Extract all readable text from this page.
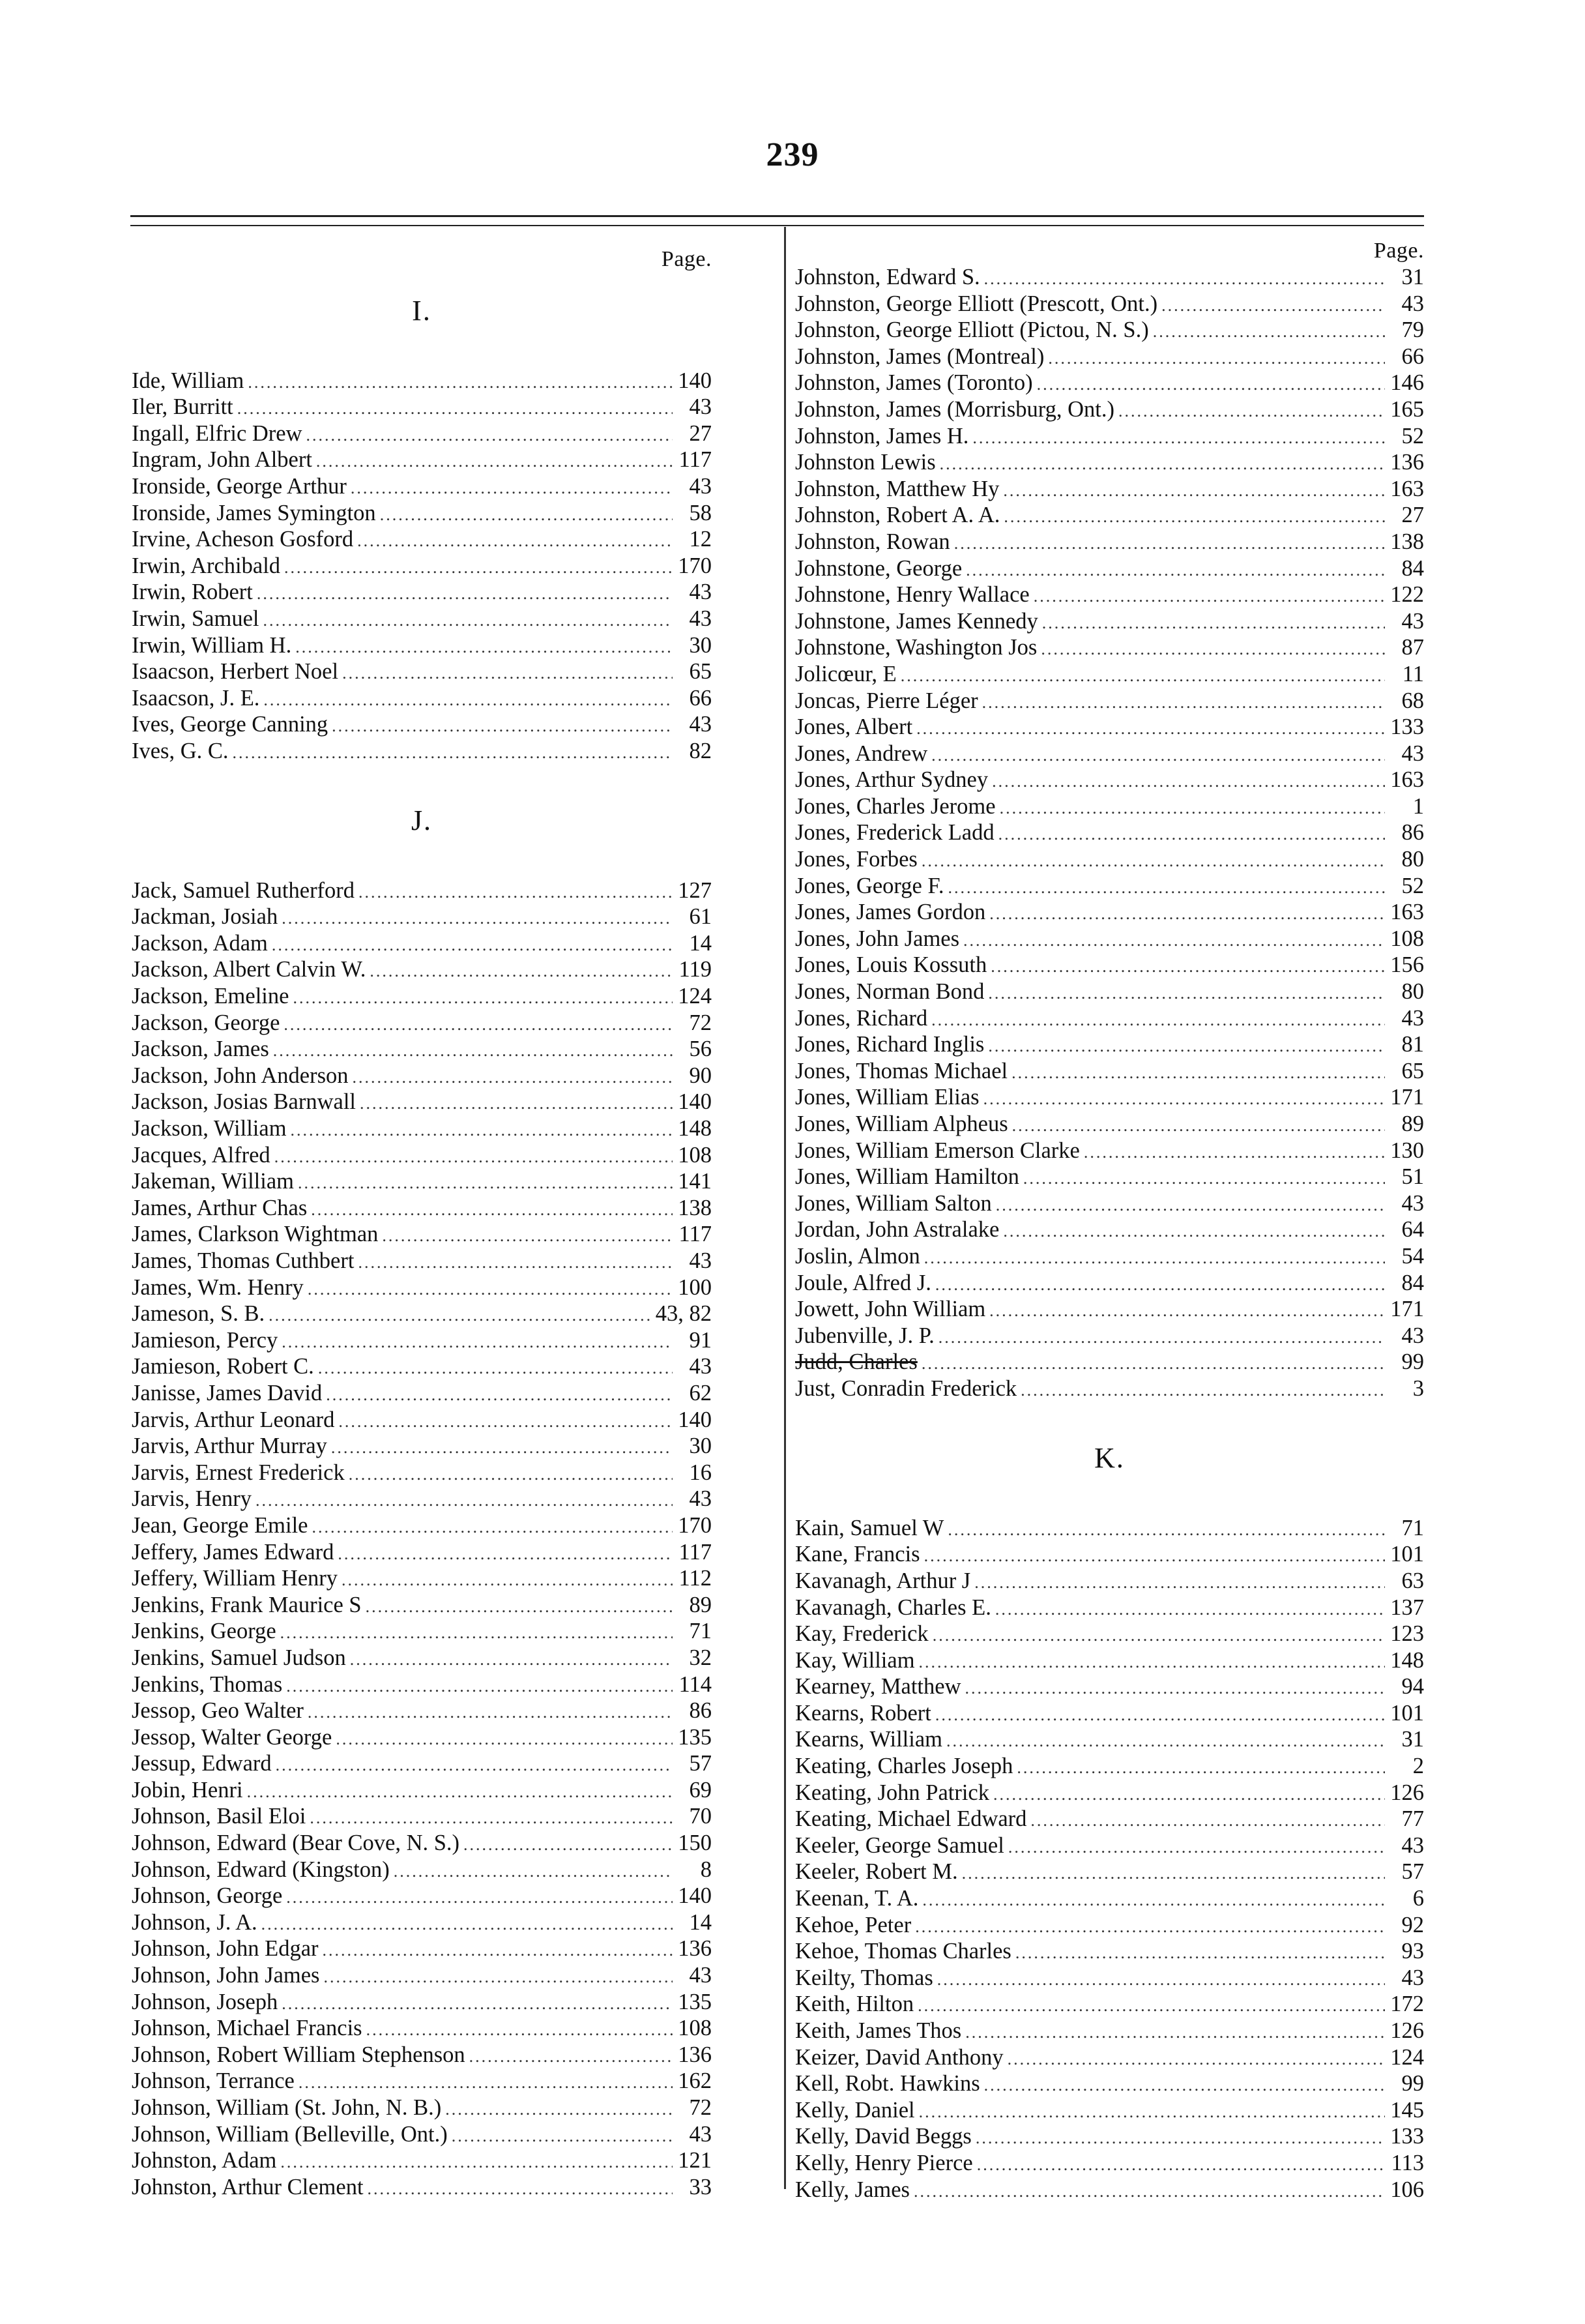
239
Page.
I.
Ide, William .....	140
Iler, Burritt .....	43
Ingall, Elfric Drew .....	27
Ingram, John Albert .....	117
Ironside, George Arthur .....	43
Ironside, James Symington .....	58
Irvine, Acheson Gosford .....	12
Irwin, Archibald .....	170
Irwin, Robert .....	43
Irwin, Samuel .....	43
Irwin, William H. .....	30
Isaacson, Herbert Noel .....	65
Isaacson, J. E. .....	66
Ives, George Canning .....	43
Ives, G. C. .....	82
J.
Jack, Samuel Rutherford .....	127
Jackman, Josiah .....	61
Jackson, Adam .....	14
Jackson, Albert Calvin W. .....	119
Jackson, Emeline .....	124
Jackson, George .....	72
Jackson, James .....	56
Jackson, John Anderson .....	90
Jackson, Josias Barnwall .....	140
Jackson, William .....	148
Jacques, Alfred .....	108
Jakeman, William .....	141
James, Arthur Chas .....	138
James, Clarkson Wightman .....	117
James, Thomas Cuthbert .....	43
James, Wm. Henry .....	100
Jameson, S. B. .....	43, 82
Jamieson, Percy .....	91
Jamieson, Robert C. .....	43
Janisse, James David .....	62
Jarvis, Arthur Leonard .....	140
Jarvis, Arthur Murray .....	30
Jarvis, Ernest Frederick .....	16
Jarvis, Henry .....	43
Jean, George Emile .....	170
Jeffery, James Edward .....	117
Jeffery, William Henry .....	112
Jenkins, Frank Maurice S .....	89
Jenkins, George .....	71
Jenkins, Samuel Judson .....	32
Jenkins, Thomas .....	114
Jessop, Geo Walter .....	86
Jessop, Walter George .....	135
Jessup, Edward .....	57
Jobin, Henri .....	69
Johnson, Basil Eloi .....	70
Johnson, Edward (Bear Cove, N. S.) .....	150
Johnson, Edward (Kingston) .....	8
Johnson, George .....	140
Johnson, J. A. .....	14
Johnson, John Edgar .....	136
Johnson, John James .....	43
Johnson, Joseph .....	135
Johnson, Michael Francis .....	108
Johnson, Robert William Stephenson .....	136
Johnson, Terrance .....	162
Johnson, William (St. John, N. B.) .....	72
Johnson, William (Belleville, Ont.) .....	43
Johnston, Adam .....	121
Johnston, Arthur Clement .....	33
Page.
Johnston, Edward S. .....	31
Johnston, George Elliott (Prescott, Ont.) .....	43
Johnston, George Elliott (Pictou, N. S.) .....	79
Johnston, James (Montreal) .....	66
Johnston, James (Toronto) .....	146
Johnston, James (Morrisburg, Ont.) .....	165
Johnston, James H. .....	52
Johnston Lewis .....	136
Johnston, Matthew Hy .....	163
Johnston, Robert A. A. .....	27
Johnston, Rowan .....	138
Johnstone, George .....	84
Johnstone, Henry Wallace .....	122
Johnstone, James Kennedy .....	43
Johnstone, Washington Jos .....	87
Jolicœur, E .....	11
Joncas, Pierre Léger .....	68
Jones, Albert .....	133
Jones, Andrew .....	43
Jones, Arthur Sydney .....	163
Jones, Charles Jerome .....	1
Jones, Frederick Ladd .....	86
Jones, Forbes .....	80
Jones, George F. .....	52
Jones, James Gordon .....	163
Jones, John James .....	108
Jones, Louis Kossuth .....	156
Jones, Norman Bond .....	80
Jones, Richard .....	43
Jones, Richard Inglis .....	81
Jones, Thomas Michael .....	65
Jones, William Elias .....	171
Jones, William Alpheus .....	89
Jones, William Emerson Clarke .....	130
Jones, William Hamilton .....	51
Jones, William Salton .....	43
Jordan, John Astralake .....	64
Joslin, Almon .....	54
Joule, Alfred J. .....	84
Jowett, John William .....	171
Jubenville, J. P. .....	43
Judd, Charles .....	99
Just, Conradin Frederick .....	3
K.
Kain, Samuel W .....	71
Kane, Francis .....	101
Kavanagh, Arthur J .....	63
Kavanagh, Charles E. .....	137
Kay, Frederick .....	123
Kay, William .....	148
Kearney, Matthew .....	94
Kearns, Robert .....	101
Kearns, William .....	31
Keating, Charles Joseph .....	2
Keating, John Patrick .....	126
Keating, Michael Edward .....	77
Keeler, George Samuel .....	43
Keeler, Robert M. .....	57
Keenan, T. A. .....	6
Kehoe, Peter .....	92
Kehoe, Thomas Charles .....	93
Keilty, Thomas .....	43
Keith, Hilton .....	172
Keith, James Thos .....	126
Keizer, David Anthony .....	124
Kell, Robt. Hawkins .....	99
Kelly, Daniel .....	145
Kelly, David Beggs .....	133
Kelly, Henry Pierce .....	113
Kelly, James .....	106
